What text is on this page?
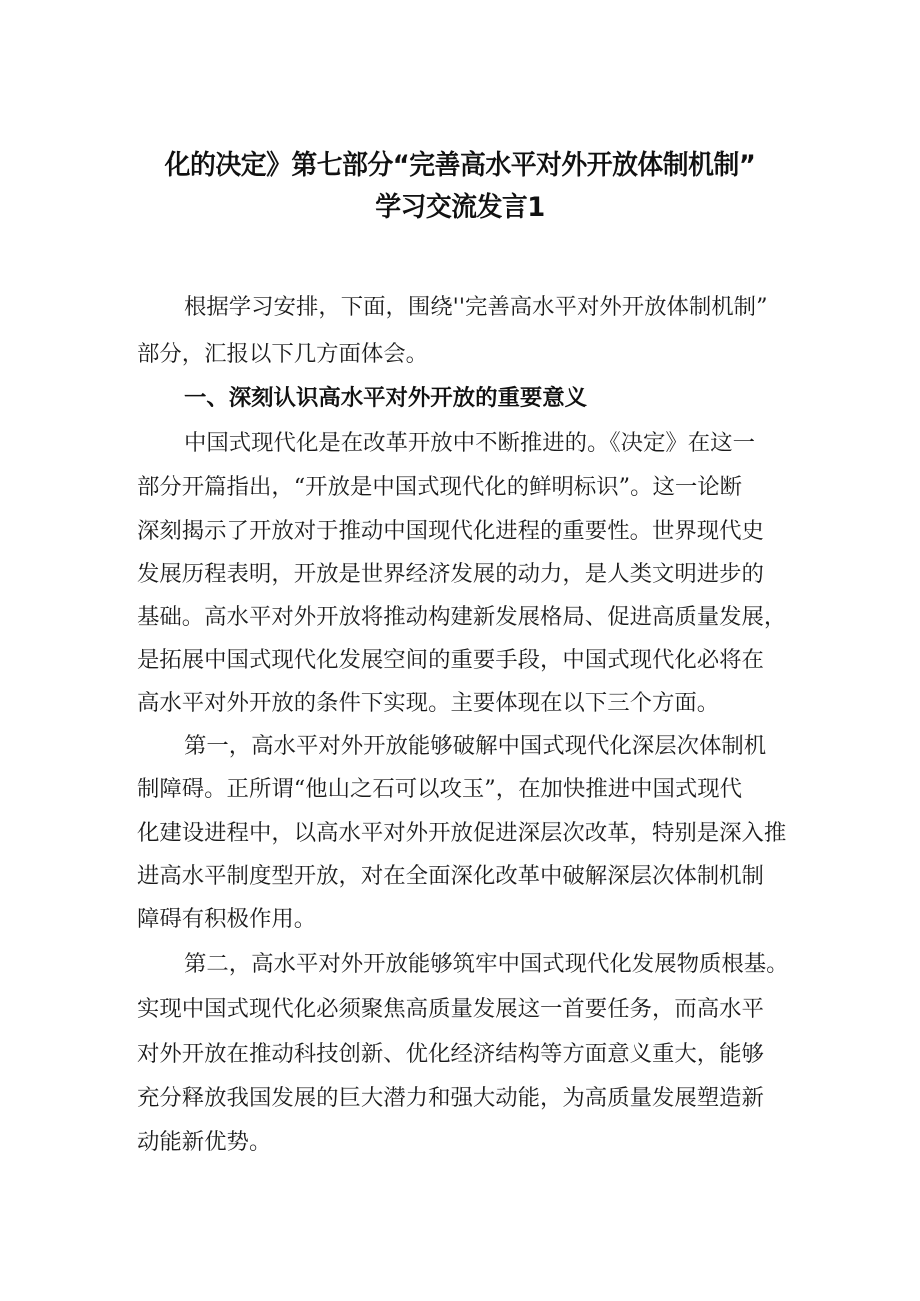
化的决定》第七部分“完善高水平对外开放体制机制”
学习交流发言1
根据学习安排，下面，围绕''完善高水平对外开放体制机制”
部分，汇报以下几方面体会。
一、深刻认识高水平对外开放的重要意义
中国式现代化是在改革开放中不断推进的。《决定》在这一
部分开篇指出，“开放是中国式现代化的鲜明标识”。这一论断
深刻揭示了开放对于推动中国现代化进程的重要性。世界现代史
发展历程表明，开放是世界经济发展的动力，是人类文明进步的
基础。高水平对外开放将推动构建新发展格局、促进高质量发展，
是拓展中国式现代化发展空间的重要手段，中国式现代化必将在
高水平对外开放的条件下实现。主要体现在以下三个方面。
第一，高水平对外开放能够破解中国式现代化深层次体制机
制障碍。正所谓“他山之石可以攻玉”，在加快推进中国式现代
化建设进程中，以高水平对外开放促进深层次改革，特别是深入推
进高水平制度型开放，对在全面深化改革中破解深层次体制机制
障碍有积极作用。
第二，高水平对外开放能够筑牢中国式现代化发展物质根基。
实现中国式现代化必须聚焦高质量发展这一首要任务，而高水平
对外开放在推动科技创新、优化经济结构等方面意义重大，能够
充分释放我国发展的巨大潜力和强大动能，为高质量发展塑造新
动能新优势。
